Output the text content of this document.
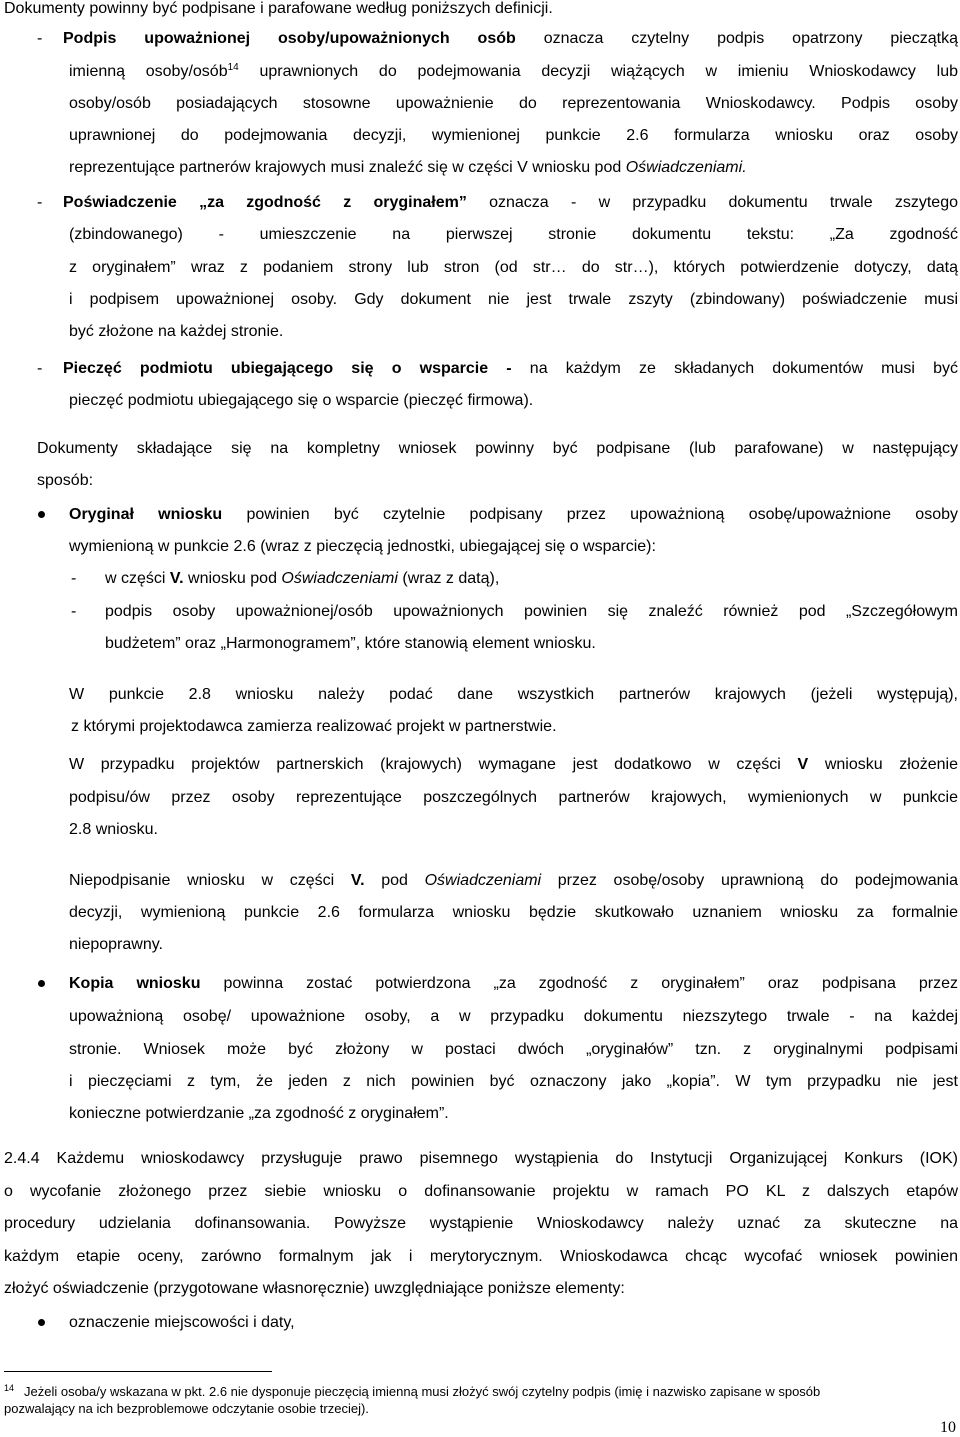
Dokumenty powinny być podpisane i parafowane według poniższych definicji.
- Podpis upoważnionej osoby/upoważnionych osób oznacza czytelny podpis opatrzony pieczątką
imienną osoby/osób$^{14}$ uprawnionych do podejmowania decyzji wiążących w imieniu Wnioskodawcy lub
osoby/osób posiadających stosowne upoważnienie do reprezentowania Wnioskodawcy. Podpis osoby
uprawnionej do podejmowania decyzji, wymienionej punkcie 2.6 formularza wniosku oraz osoby
reprezentujące partnerów krajowych musi znaleźć się w części V wniosku pod Oświadczeniami.
- Poświadczenie „za zgodność z oryginałem” oznacza - w przypadku dokumentu trwale zszytego
(zbindowanego) - umieszczenie na pierwszej stronie dokumentu tekstu: „Za zgodność
z oryginałem” wraz z podaniem strony lub stron (od str… do str…), których potwierdzenie dotyczy, datą
i podpisem upoważnionej osoby. Gdy dokument nie jest trwale zszyty (zbindowany) poświadczenie musi
być złożone na każdej stronie.
- Pieczęć podmiotu ubiegającego się o wsparcie - na każdym ze składanych dokumentów musi być
pieczęć podmiotu ubiegającego się o wsparcie (pieczęć firmowa).
Dokumenty składające się na kompletny wniosek powinny być podpisane (lub parafowane) w następujący
sposób:
Oryginał wniosku powinien być czytelnie podpisany przez upoważnioną osobę/upoważnione osoby
wymienioną w punkcie 2.6 (wraz z pieczęcią jednostki, ubiegającej się o wsparcie):
- w części V. wniosku pod Oświadczeniami (wraz z datą),
- podpis osoby upoważnionej/osób upoważnionych powinien się znaleźć również pod „Szczegółowym
budżetem” oraz „Harmonogramem”, które stanowią element wniosku.
W punkcie 2.8 wniosku należy podać dane wszystkich partnerów krajowych (jeżeli występują),
z którymi projektodawca zamierza realizować projekt w partnerstwie.
W przypadku projektów partnerskich (krajowych) wymagane jest dodatkowo w części V wniosku złożenie
podpisu/ów przez osoby reprezentujące poszczególnych partnerów krajowych, wymienionych w punkcie
2.8 wniosku.
Niepodpisanie wniosku w części V. pod Oświadczeniami przez osobę/osoby uprawnioną do podejmowania
decyzji, wymienioną punkcie 2.6 formularza wniosku będzie skutkowało uznaniem wniosku za formalnie
niepoprawny.
Kopia wniosku powinna zostać potwierdzona „za zgodność z oryginałem” oraz podpisana przez
upoważnioną osobę/ upoważnione osoby, a w przypadku dokumentu niezszytego trwale - na każdej
stronie. Wniosek może być złożony w postaci dwóch „oryginałów” tzn. z oryginalnymi podpisami
i pieczęciami z tym, że jeden z nich powinien być oznaczony jako „kopia”. W tym przypadku nie jest
konieczne potwierdzanie „za zgodność z oryginałem”.
2.4.4 Każdemu wnioskodawcy przysługuje prawo pisemnego wystąpienia do Instytucji Organizującej Konkurs (IOK)
o wycofanie złożonego przez siebie wniosku o dofinansowanie projektu w ramach PO KL z dalszych etapów
procedury udzielania dofinansowania. Powyższe wystąpienie Wnioskodawcy należy uznać za skuteczne na
każdym etapie oceny, zarówno formalnym jak i merytorycznym. Wnioskodawca chcąc wycofać wniosek powinien
złożyć oświadczenie (przygotowane własnoręcznie) uwzględniające poniższe elementy:
oznaczenie miejscowości i daty,
14 Jeżeli osoba/y wskazana w pkt. 2.6 nie dysponuje pieczęcią imienną musi złożyć swój czytelny podpis (imię i nazwisko zapisane w sposób
pozwalający na ich bezproblemowe odczytanie osobie trzeciej).
10
